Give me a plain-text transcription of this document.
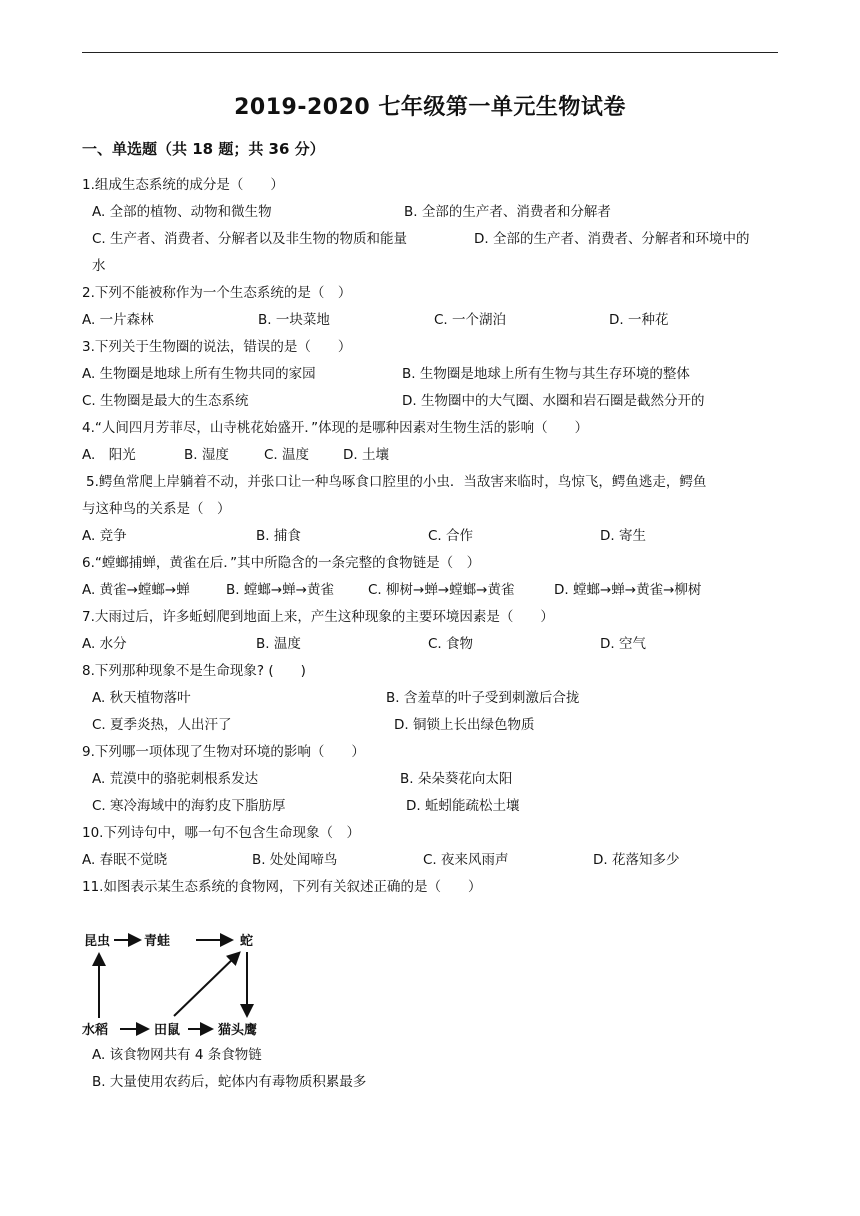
2019-2020 七年级第一单元生物试卷
一、单选题（共 18 题；共 36 分）
1.组成生态系统的成分是（　　）
A. 全部的植物、动物和微生物	B. 全部的生产者、消费者和分解者
C. 生产者、消费者、分解者以及非生物的物质和能量	D. 全部的生产者、消费者、分解者和环境中的
水
2.下列不能被称作为一个生态系统的是（　）
A. 一片森林	B. 一块菜地	C. 一个湖泊	D. 一种花
3.下列关于生物圈的说法，错误的是（　　）
A. 生物圈是地球上所有生物共同的家园	B. 生物圈是地球上所有生物与其生存环境的整体
C. 生物圈是最大的生态系统	D. 生物圈中的大气圈、水圈和岩石圈是截然分开的
4.“人间四月芳菲尽，山寺桃花始盛开．”体现的是哪种因素对生物生活的影响（　　）
A.　阳光	B. 湿度	C. 温度	D. 土壤
5.鳄鱼常爬上岸躺着不动，并张口让一种鸟啄食口腔里的小虫．当敌害来临时，鸟惊飞，鳄鱼逃走，鳄鱼
与这种鸟的关系是（　）
A. 竞争	B. 捕食	C. 合作	D. 寄生
6.“螳螂捕蝉，黄雀在后．”其中所隐含的一条完整的食物链是（　）
A. 黄雀→螳螂→蝉	B. 螳螂→蝉→黄雀	C. 柳树→蝉→螳螂→黄雀	D. 螳螂→蝉→黄雀→柳树
7.大雨过后，许多蚯蚓爬到地面上来，产生这种现象的主要环境因素是（　　）
A. 水分	B. 温度	C. 食物	D. 空气
8.下列那种现象不是生命现象? (　　)
A. 秋天植物落叶	B. 含羞草的叶子受到刺激后合拢
C. 夏季炎热，人出汗了	D. 铜锁上长出绿色物质
9.下列哪一项体现了生物对环境的影响（　　）
A. 荒漠中的骆驼刺根系发达	B. 朵朵葵花向太阳
C. 寒冷海域中的海豹皮下脂肪厚	D. 蚯蚓能疏松土壤
10.下列诗句中，哪一句不包含生命现象（　）
A. 春眠不觉晓	B. 处处闻啼鸟	C. 夜来风雨声	D. 花落知多少
11.如图表示某生态系统的食物网，下列有关叙述正确的是（　　）
昆虫	青蛙	蛇
水稻	田鼠	猫头鹰
A. 该食物网共有 4 条食物链
B. 大量使用农药后，蛇体内有毒物质积累最多
